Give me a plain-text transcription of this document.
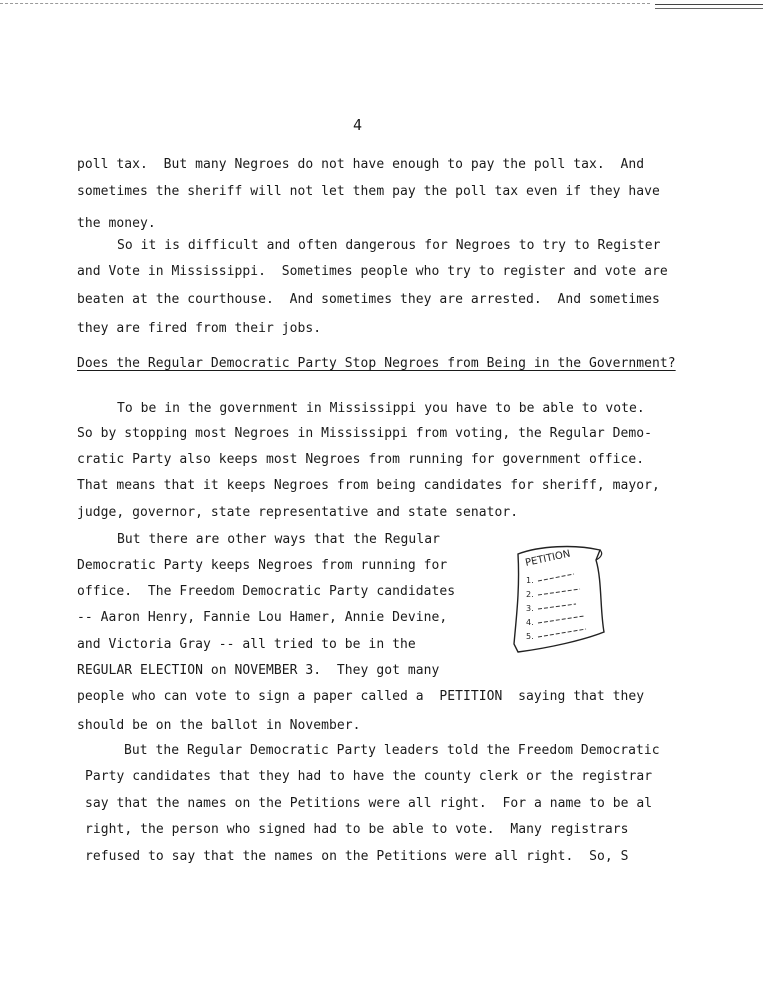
4
poll tax.  But many Negroes do not have enough to pay the poll tax.  And
sometimes the sheriff will not let them pay the poll tax even if they have
the money.
So it is difficult and often dangerous for Negroes to try to Register
and Vote in Mississippi.  Sometimes people who try to register and vote are
beaten at the courthouse.  And sometimes they are arrested.  And sometimes
they are fired from their jobs.
Does the Regular Democratic Party Stop Negroes from Being in the Government?
To be in the government in Mississippi you have to be able to vote.
So by stopping most Negroes in Mississippi from voting, the Regular Demo-
cratic Party also keeps most Negroes from running for government office.
That means that it keeps Negroes from being candidates for sheriff, mayor,
judge, governor, state representative and state senator.
But there are other ways that the Regular
Democratic Party keeps Negroes from running for
office.  The Freedom Democratic Party candidates
-- Aaron Henry, Fannie Lou Hamer, Annie Devine,
and Victoria Gray -- all tried to be in the
REGULAR ELECTION on NOVEMBER 3.  They got many
people who can vote to sign a paper called a  PETITION  saying that they
should be on the ballot in November.
But the Regular Democratic Party leaders told the Freedom Democratic
Party candidates that they had to have the county clerk or the registrar
say that the names on the Petitions were all right.  For a name to be al
right, the person who signed had to be able to vote.  Many registrars
refused to say that the names on the Petitions were all right.  So, S
PETITION
1.
2.
3.
4.
5.
